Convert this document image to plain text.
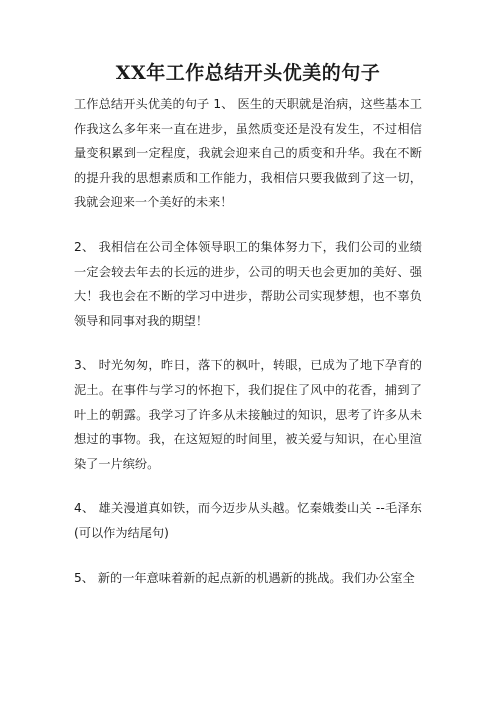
XX年工作总结开头优美的句子

工作总结开头优美的句子 1、 医生的天职就是治病，这些基本工作我这么多年来一直在进步，虽然质变还是没有发生，不过相信量变积累到一定程度，我就会迎来自己的质变和升华。我在不断的提升我的思想素质和工作能力，我相信只要我做到了这一切，我就会迎来一个美好的未来！

2、 我相信在公司全体领导职工的集体努力下，我们公司的业绩一定会较去年去的长远的进步，公司的明天也会更加的美好、强大！我也会在不断的学习中进步，帮助公司实现梦想，也不辜负领导和同事对我的期望！

3、 时光匆匆，昨日，落下的枫叶，转眼，已成为了地下孕育的泥土。在事件与学习的怀抱下，我们捉住了风中的花香，捕到了叶上的朝露。我学习了许多从未接触过的知识，思考了许多从未想过的事物。我，在这短短的时间里，被关爱与知识，在心里渲染了一片缤纷。

4、 雄关漫道真如铁，而今迈步从头越。忆秦娥娄山关 --毛泽东(可以作为结尾句)

5、 新的一年意味着新的起点新的机遇新的挑战。我们办公室全
